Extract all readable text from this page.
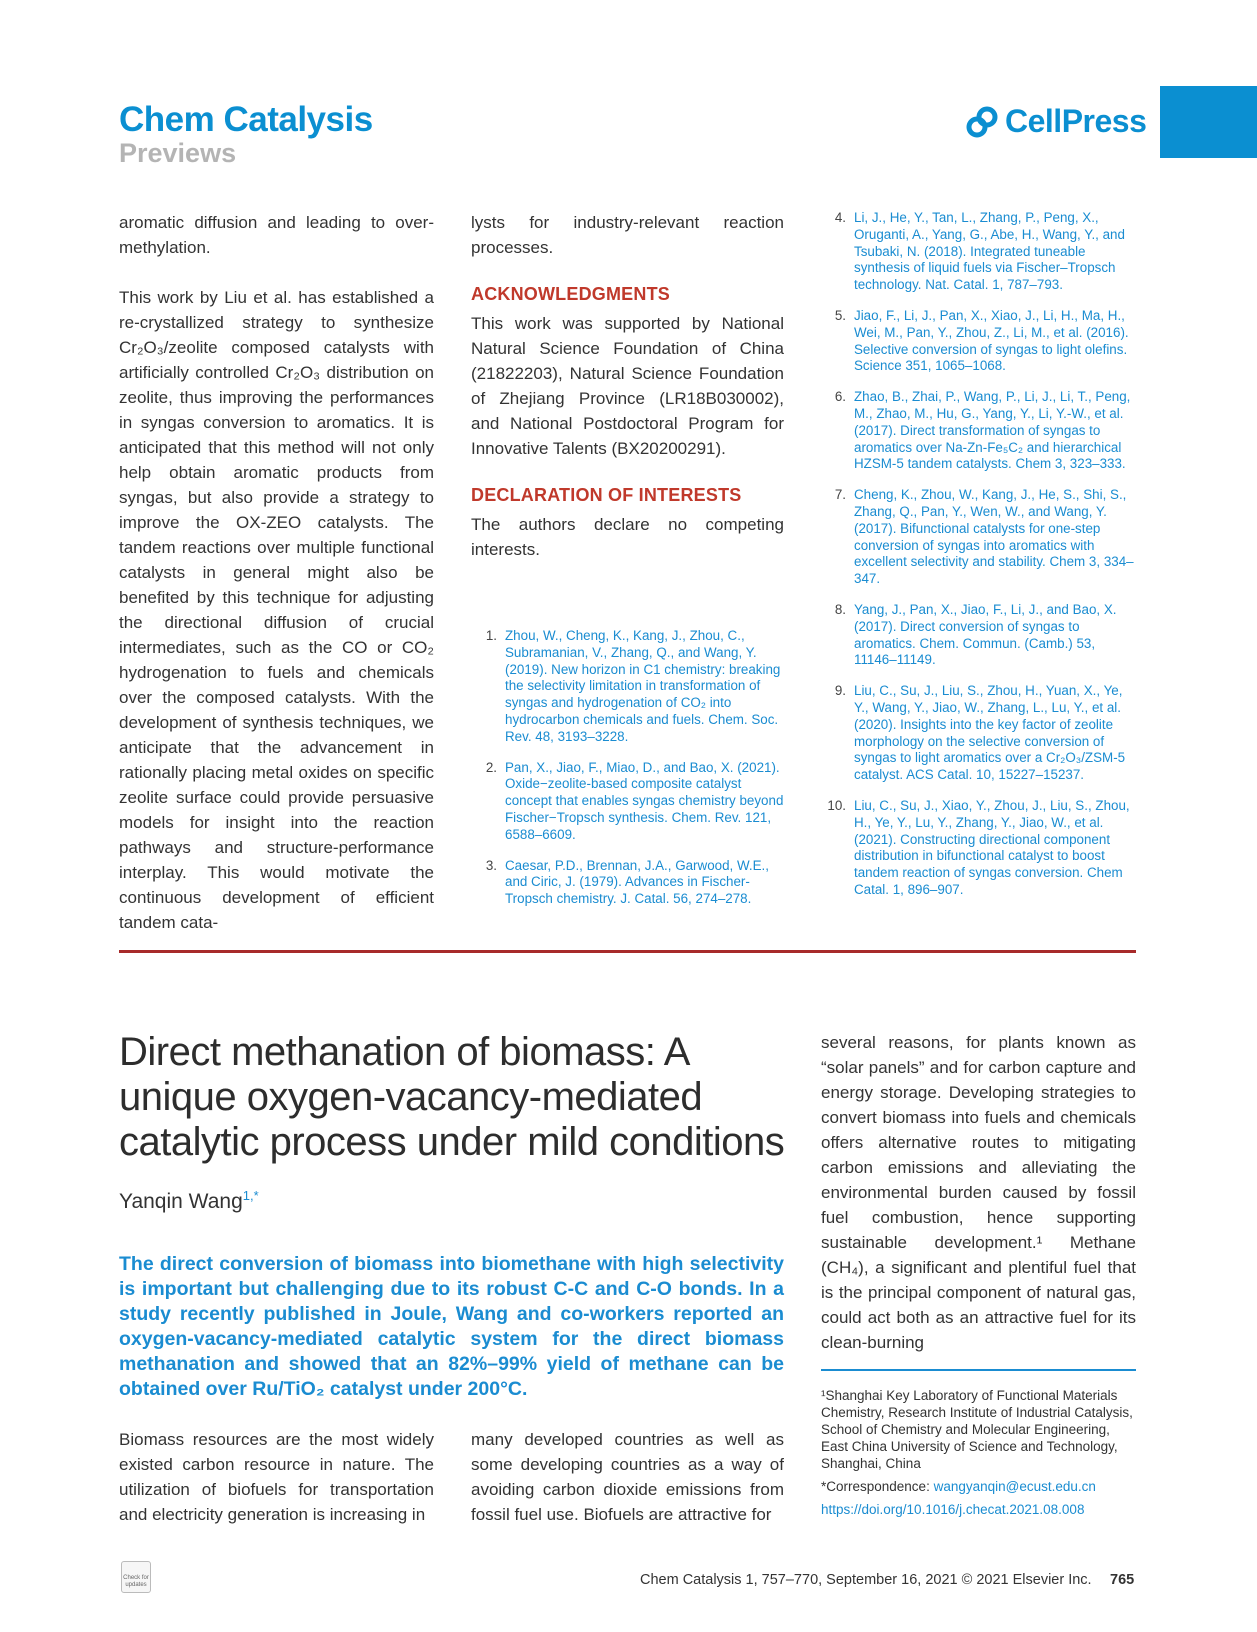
Chem Catalysis
Previews
CellPress

aromatic diffusion and leading to over-methylation.

This work by Liu et al. has established a re-crystallized strategy to synthesize Cr₂O₃/zeolite composed catalysts with artificially controlled Cr₂O₃ distribution on zeolite, thus improving the performances in syngas conversion to aromatics. It is anticipated that this method will not only help obtain aromatic products from syngas, but also provide a strategy to improve the OX-ZEO catalysts. The tandem reactions over multiple functional catalysts in general might also be benefited by this technique for adjusting the directional diffusion of crucial intermediates, such as the CO or CO₂ hydrogenation to fuels and chemicals over the composed catalysts. With the development of synthesis techniques, we anticipate that the advancement in rationally placing metal oxides on specific zeolite surface could provide persuasive models for insight into the reaction pathways and structure-performance interplay. This would motivate the continuous development of efficient tandem cata-

lysts for industry-relevant reaction processes.

ACKNOWLEDGMENTS

This work was supported by National Natural Science Foundation of China (21822203), Natural Science Foundation of Zhejiang Province (LR18B030002), and National Postdoctoral Program for Innovative Talents (BX20200291).

DECLARATION OF INTERESTS

The authors declare no competing interests.

1. Zhou, W., Cheng, K., Kang, J., Zhou, C., Subramanian, V., Zhang, Q., and Wang, Y. (2019). New horizon in C1 chemistry: breaking the selectivity limitation in transformation of syngas and hydrogenation of CO₂ into hydrocarbon chemicals and fuels. Chem. Soc. Rev. 48, 3193–3228.
2. Pan, X., Jiao, F., Miao, D., and Bao, X. (2021). Oxide−zeolite-based composite catalyst concept that enables syngas chemistry beyond Fischer−Tropsch synthesis. Chem. Rev. 121, 6588–6609.
3. Caesar, P.D., Brennan, J.A., Garwood, W.E., and Ciric, J. (1979). Advances in Fischer-Tropsch chemistry. J. Catal. 56, 274–278.
4. Li, J., He, Y., Tan, L., Zhang, P., Peng, X., Oruganti, A., Yang, G., Abe, H., Wang, Y., and Tsubaki, N. (2018). Integrated tuneable synthesis of liquid fuels via Fischer–Tropsch technology. Nat. Catal. 1, 787–793.
5. Jiao, F., Li, J., Pan, X., Xiao, J., Li, H., Ma, H., Wei, M., Pan, Y., Zhou, Z., Li, M., et al. (2016). Selective conversion of syngas to light olefins. Science 351, 1065–1068.
6. Zhao, B., Zhai, P., Wang, P., Li, J., Li, T., Peng, M., Zhao, M., Hu, G., Yang, Y., Li, Y.-W., et al. (2017). Direct transformation of syngas to aromatics over Na-Zn-Fe₅C₂ and hierarchical HZSM-5 tandem catalysts. Chem 3, 323–333.
7. Cheng, K., Zhou, W., Kang, J., He, S., Shi, S., Zhang, Q., Pan, Y., Wen, W., and Wang, Y. (2017). Bifunctional catalysts for one-step conversion of syngas into aromatics with excellent selectivity and stability. Chem 3, 334–347.
8. Yang, J., Pan, X., Jiao, F., Li, J., and Bao, X. (2017). Direct conversion of syngas to aromatics. Chem. Commun. (Camb.) 53, 11146–11149.
9. Liu, C., Su, J., Liu, S., Zhou, H., Yuan, X., Ye, Y., Wang, Y., Jiao, W., Zhang, L., Lu, Y., et al. (2020). Insights into the key factor of zeolite morphology on the selective conversion of syngas to light aromatics over a Cr₂O₃/ZSM-5 catalyst. ACS Catal. 10, 15227–15237.
10. Liu, C., Su, J., Xiao, Y., Zhou, J., Liu, S., Zhou, H., Ye, Y., Lu, Y., Zhang, Y., Jiao, W., et al. (2021). Constructing directional component distribution in bifunctional catalyst to boost tandem reaction of syngas conversion. Chem Catal. 1, 896–907.
Direct methanation of biomass: A unique oxygen-vacancy-mediated catalytic process under mild conditions
Yanqin Wang$^{1,*}$
The direct conversion of biomass into biomethane with high selectivity is important but challenging due to its robust C-C and C-O bonds. In a study recently published in Joule, Wang and co-workers reported an oxygen-vacancy-mediated catalytic system for the direct biomass methanation and showed that an 82%–99% yield of methane can be obtained over Ru/TiO₂ catalyst under 200°C.

Biomass resources are the most widely existed carbon resource in nature. The utilization of biofuels for transportation and electricity generation is increasing in

many developed countries as well as some developing countries as a way of avoiding carbon dioxide emissions from fossil fuel use. Biofuels are attractive for

several reasons, for plants known as “solar panels” and for carbon capture and energy storage. Developing strategies to convert biomass into fuels and chemicals offers alternative routes to mitigating carbon emissions and alleviating the environmental burden caused by fossil fuel combustion, hence supporting sustainable development.¹ Methane (CH₄), a significant and plentiful fuel that is the principal component of natural gas, could act both as an attractive fuel for its clean-burning

¹Shanghai Key Laboratory of Functional Materials Chemistry, Research Institute of Industrial Catalysis, School of Chemistry and Molecular Engineering, East China University of Science and Technology, Shanghai, China
*Correspondence: wangyanqin@ecust.edu.cn
https://doi.org/10.1016/j.checat.2021.08.008
Check for updates	Chem Catalysis 1, 757–770, September 16, 2021 © 2021 Elsevier Inc. 765
